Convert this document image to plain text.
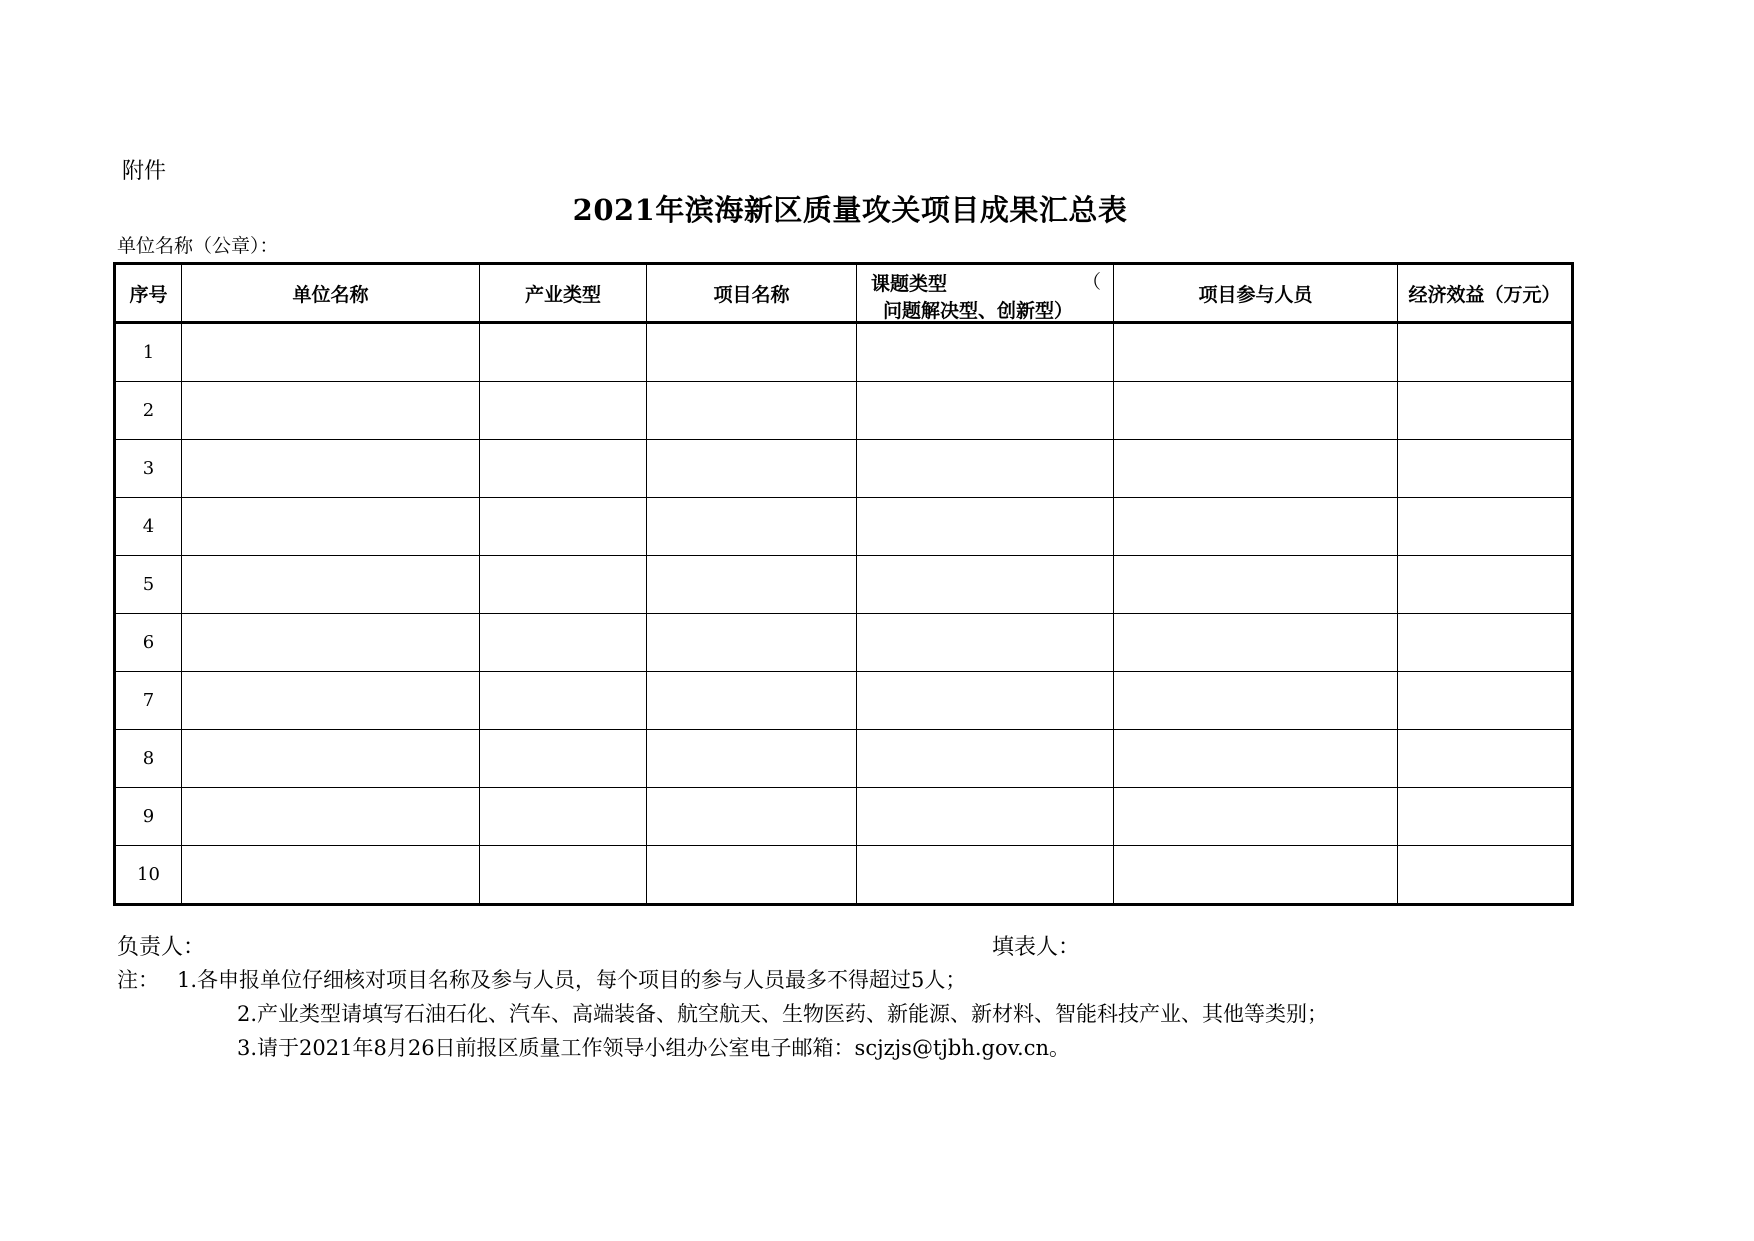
附件
2021年滨海新区质量攻关项目成果汇总表
单位名称（公章）：
序号	单位名称	产业类型	项目名称	课题类型 （
问题解决型、创新型）	项目参与人员	经济效益（万元）
1						
2						
3						
4						
5						
6						
7						
8						
9						
10						
负责人：	填表人：
注： 1.各申报单位仔细核对项目名称及参与人员，每个项目的参与人员最多不得超过5人；
2.产业类型请填写石油石化、汽车、高端装备、航空航天、生物医药、新能源、新材料、智能科技产业、其他等类别；
3.请于2021年8月26日前报区质量工作领导小组办公室电子邮箱：scjzjs@tjbh.gov.cn。
